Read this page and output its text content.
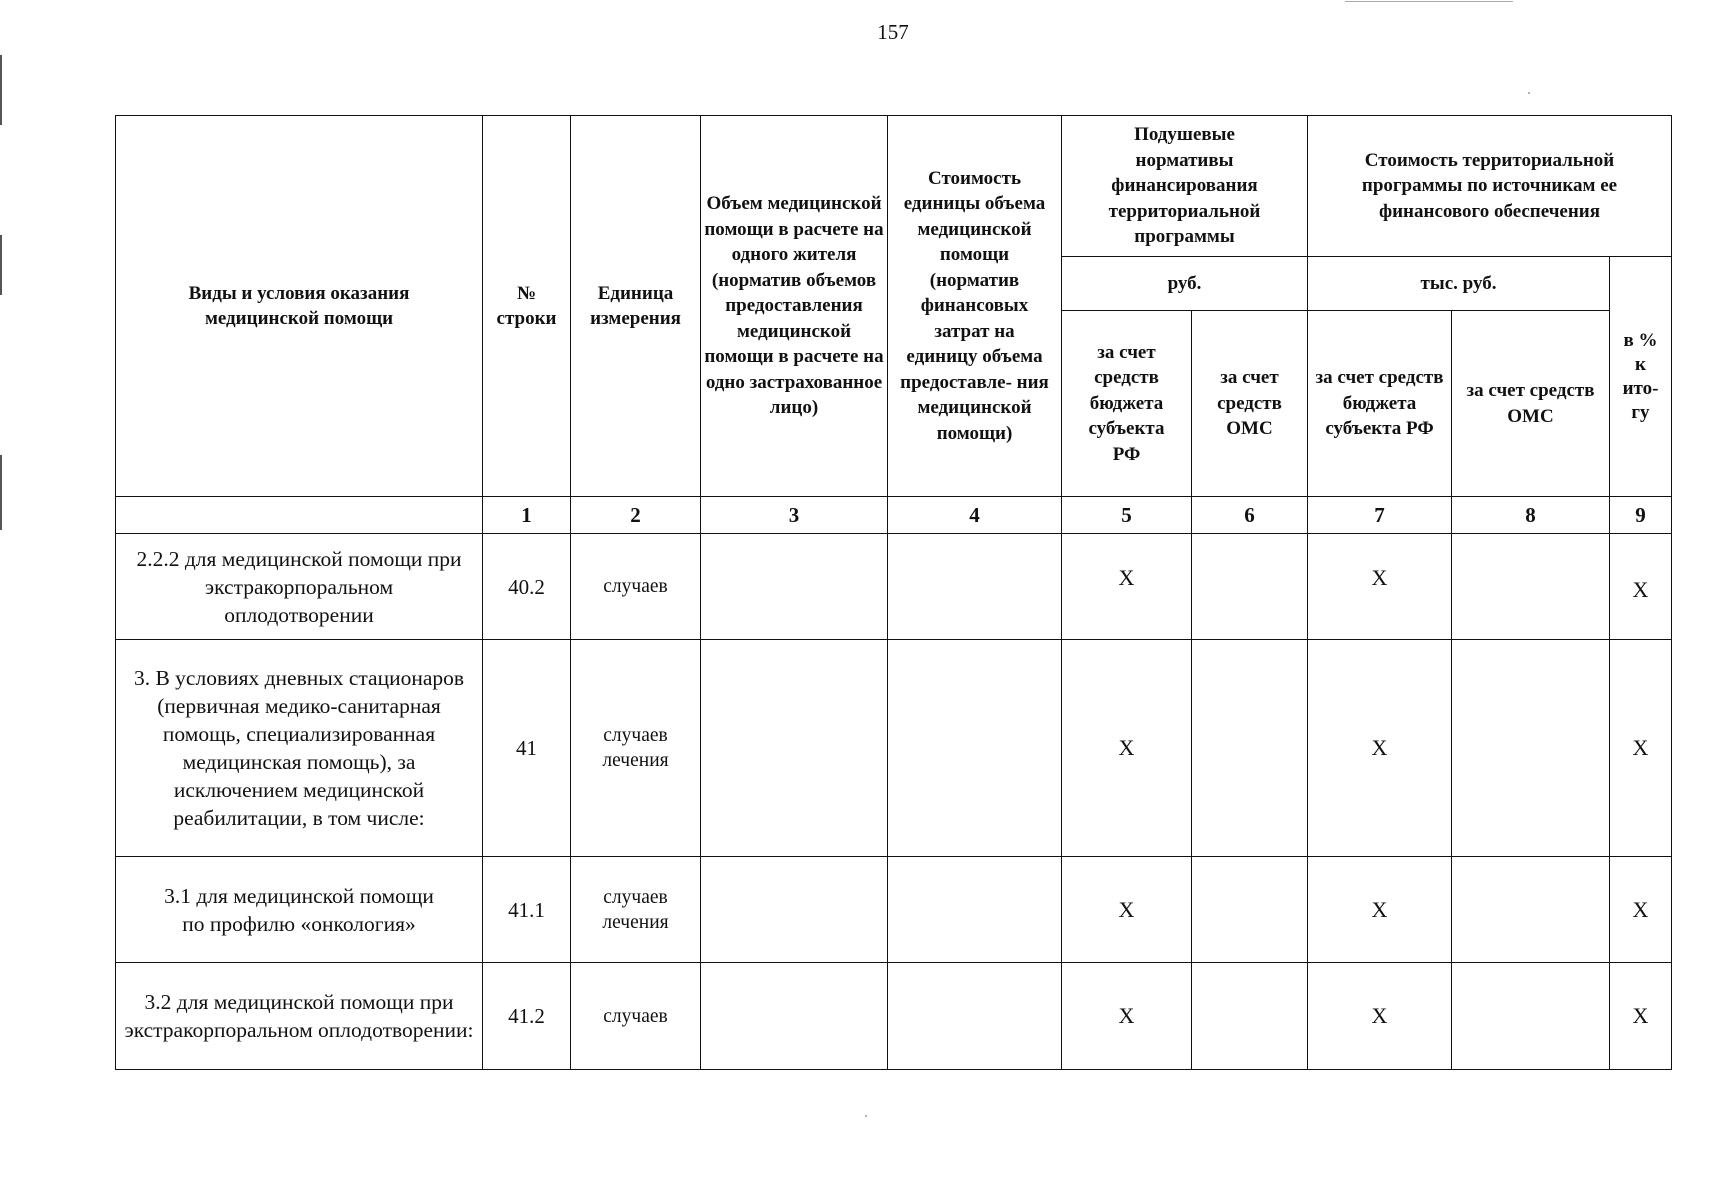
157
Виды и условия оказания медицинской помощи	№ строки	Единица измерения	Объем медицинской помощи в расчете на одного жителя (норматив объемов предоставления медицинской помощи в расчете на одно застрахованное лицо)	Стоимость единицы объема медицинской помощи (норматив финансовых затрат на единицу объема предоставле- ния медицинской помощи)	Подушевые нормативы финансирования территориальной программы		Стоимость территориальной программы по источникам ее финансового обеспечения		
					руб.		тыс. руб.		в % к ито- гу
					за счет средств бюджета субъекта РФ	за счет средств ОМС	за счет средств бюджета субъекта РФ	за счет средств ОМС	
	1	2	3	4	5	6	7	8	9
2.2.2 для медицинской помощи при экстракорпоральном оплодотворении	40.2	случаев			Х		Х		Х
3. В условиях дневных стационаров (первичная медико-санитарная помощь, специализированная медицинская помощь), за исключением медицинской реабилитации, в том числе:	41	случаев лечения			Х		Х		Х
3.1 для медицинской помощи по профилю «онкология»	41.1	случаев лечения			Х		Х		Х
3.2 для медицинской помощи при экстракорпоральном оплодотворении:	41.2	случаев			Х		Х		Х
